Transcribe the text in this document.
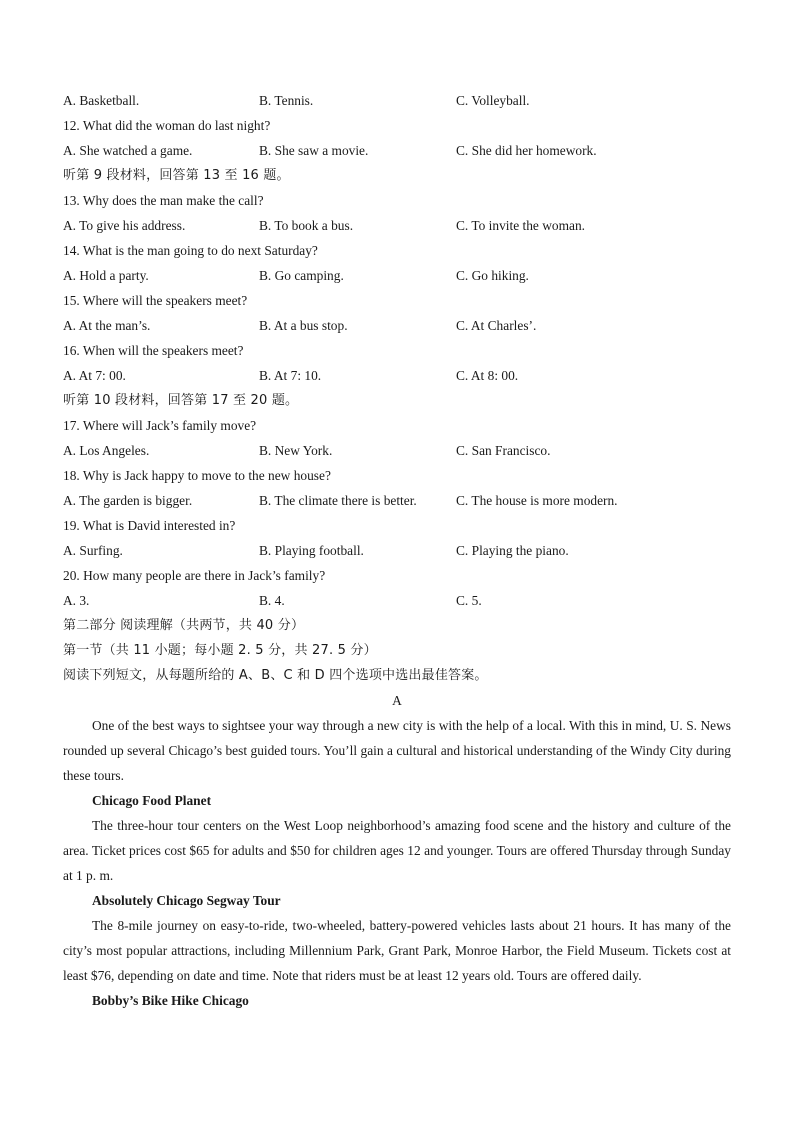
A. Basketball.	B. Tennis.	C. Volleyball.
12. What did the woman do last night?
A. She watched a game.	B. She saw a movie.	C. She did her homework.
听第 9 段材料，回答第 13 至 16 题。
13. Why does the man make the call?
A. To give his address.	B. To book a bus.	C. To invite the woman.
14. What is the man going to do next Saturday?
A. Hold a party.	B. Go camping.	C. Go hiking.
15. Where will the speakers meet?
A. At the man’s.	B. At a bus stop.	C. At Charles’.
16. When will the speakers meet?
A. At 7: 00.	B. At 7: 10.	C. At 8: 00.
听第 10 段材料，回答第 17 至 20 题。
17. Where will Jack’s family move?
A. Los Angeles.	B. New York.	C. San Francisco.
18. Why is Jack happy to move to the new house?
A. The garden is bigger.	B. The climate there is better.	C. The house is more modern.
19. What is David interested in?
A. Surfing.	B. Playing football.	C. Playing the piano.
20. How many people are there in Jack’s family?
A. 3.	B. 4.	C. 5.
第二部分 阅读理解（共两节，共 40 分）
第一节（共 11 小题；每小题 2. 5 分，共 27. 5 分）
阅读下列短文，从每题所给的 A、B、C 和 D 四个选项中选出最佳答案。
A

One of the best ways to sightsee your way through a new city is with the help of a local. With this in mind, U. S. News rounded up several Chicago’s best guided tours. You’ll gain a cultural and historical understanding of the Windy City during these tours.

Chicago Food Planet

The three-hour tour centers on the West Loop neighborhood’s amazing food scene and the history and culture of the area. Ticket prices cost $65 for adults and $50 for children ages 12 and younger. Tours are offered Thursday through Sunday at 1 p. m.

Absolutely Chicago Segway Tour

The 8-mile journey on easy-to-ride, two-wheeled, battery-powered vehicles lasts about 21 hours. It has many of the city’s most popular attractions, including Millennium Park, Grant Park, Monroe Harbor, the Field Museum. Tickets cost at least $76, depending on date and time. Note that riders must be at least 12 years old. Tours are offered daily.

Bobby’s Bike Hike Chicago
